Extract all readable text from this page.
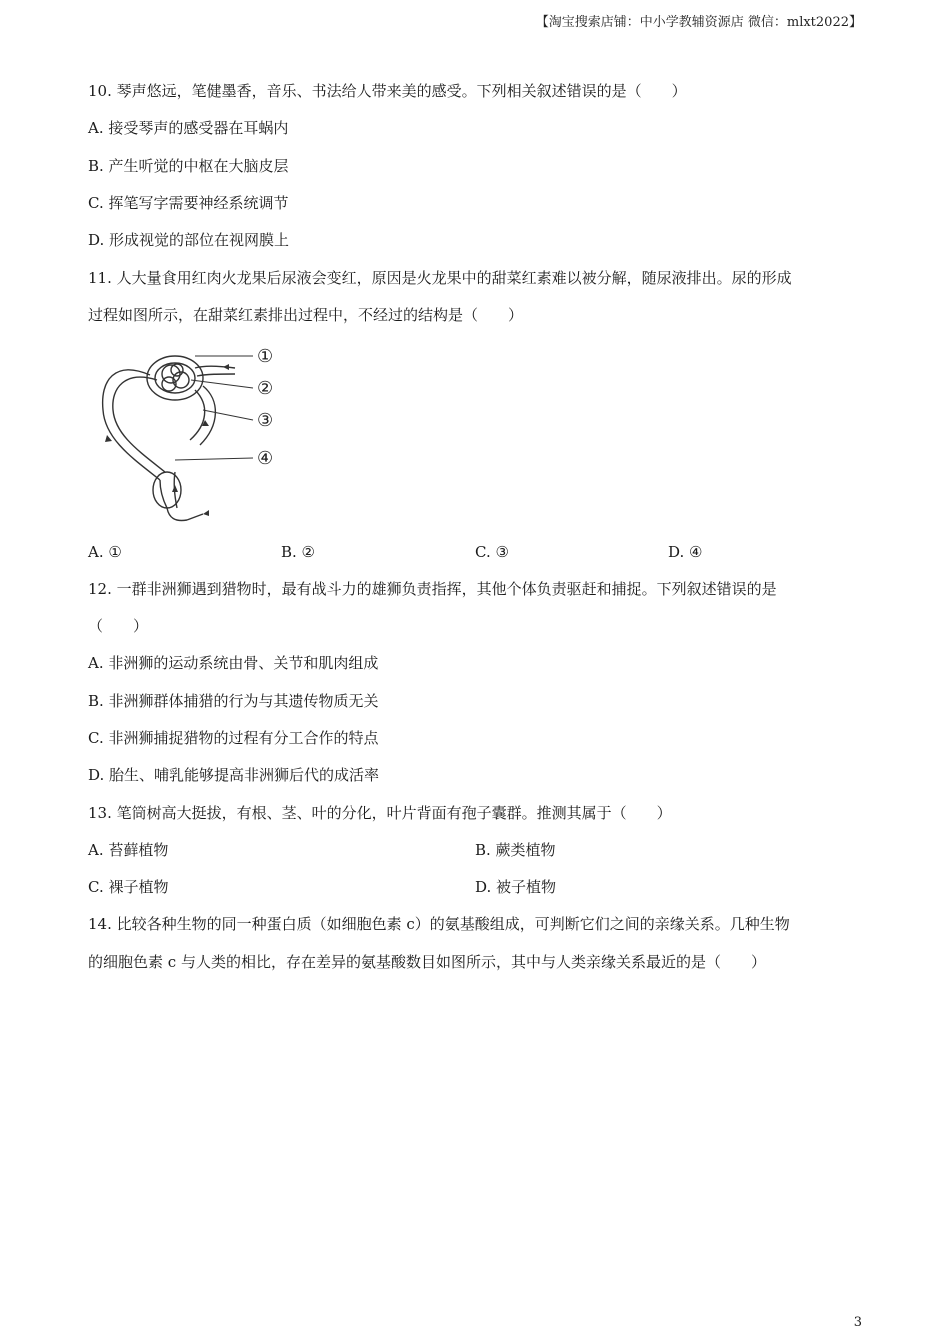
【淘宝搜索店铺：中小学教辅资源店 微信：mlxt2022】
10. 琴声悠远，笔健墨香，音乐、书法给人带来美的感受。下列相关叙述错误的是（　　）
A. 接受琴声的感受器在耳蜗内
B. 产生听觉的中枢在大脑皮层
C. 挥笔写字需要神经系统调节
D. 形成视觉的部位在视网膜上
11. 人大量食用红肉火龙果后尿液会变红，原因是火龙果中的甜菜红素难以被分解，随尿液排出。尿的形成
过程如图所示，在甜菜红素排出过程中，不经过的结构是（　　）
①
②
③
④
A. ①	B. ②	C. ③	D. ④
12. 一群非洲狮遇到猎物时，最有战斗力的雄狮负责指挥，其他个体负责驱赶和捕捉。下列叙述错误的是
（　　）
A. 非洲狮的运动系统由骨、关节和肌肉组成
B. 非洲狮群体捕猎的行为与其遗传物质无关
C. 非洲狮捕捉猎物的过程有分工合作的特点
D. 胎生、哺乳能够提高非洲狮后代的成活率
13. 笔筒树高大挺拔，有根、茎、叶的分化，叶片背面有孢子囊群。推测其属于（　　）
A. 苔藓植物	B. 蕨类植物
C. 裸子植物	D. 被子植物
14. 比较各种生物的同一种蛋白质（如细胞色素 c）的氨基酸组成，可判断它们之间的亲缘关系。几种生物
的细胞色素 c 与人类的相比，存在差异的氨基酸数目如图所示，其中与人类亲缘关系最近的是（　　）
3
